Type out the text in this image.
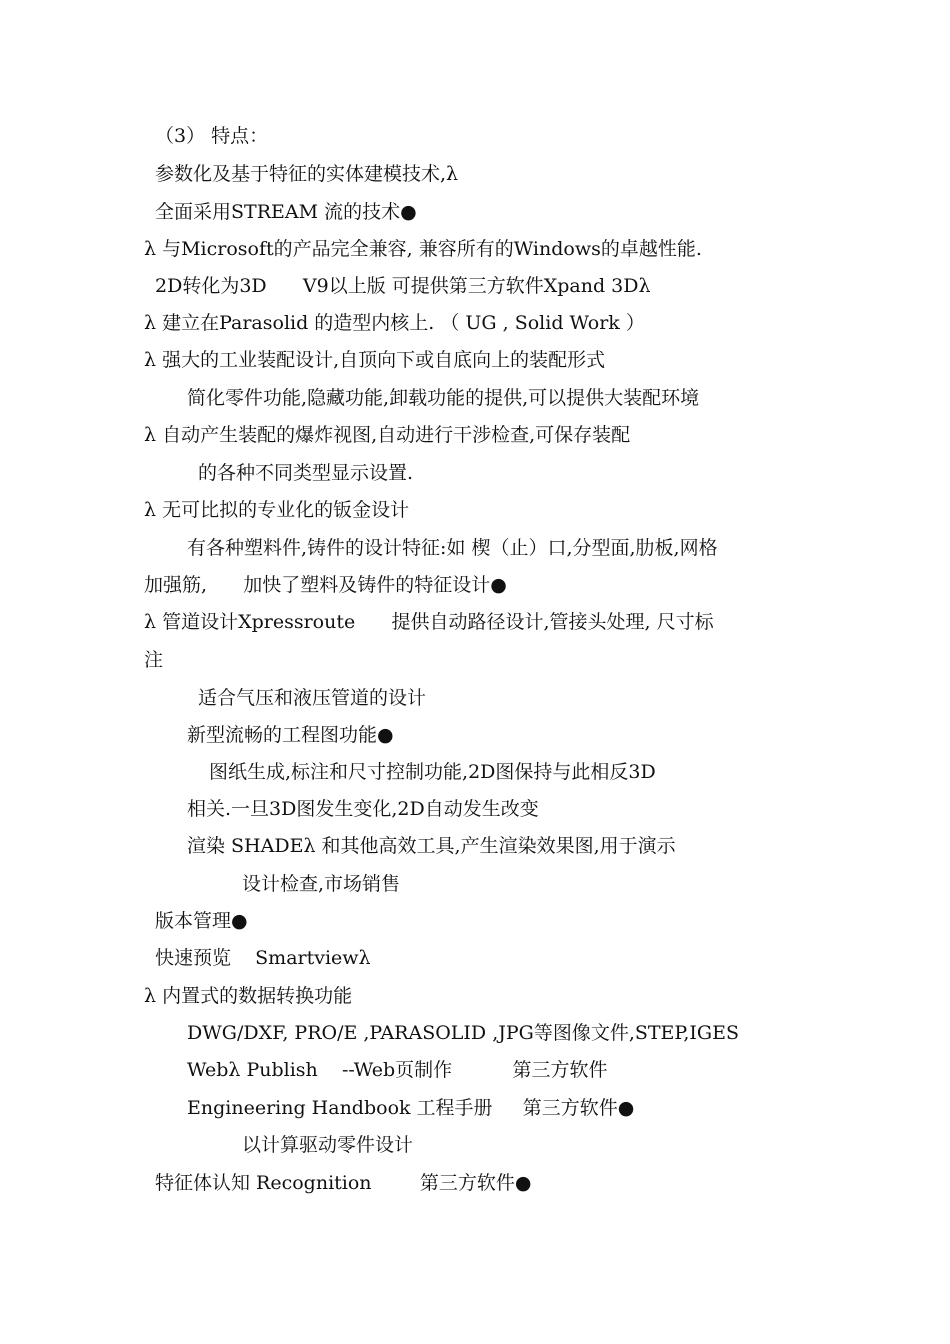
（3） 特点：
参数化及基于特征的实体建模技术,λ
全面采用STREAM 流的技术●
λ 与Microsoft的产品完全兼容, 兼容所有的Windows的卓越性能.
2D转化为3D      V9以上版 可提供第三方软件Xpand 3Dλ
λ 建立在Parasolid 的造型内核上. （ UG , Solid Work ）
λ 强大的工业装配设计,自顶向下或自底向上的装配形式
简化零件功能,隐藏功能,卸载功能的提供,可以提供大装配环境
λ 自动产生装配的爆炸视图,自动进行干涉检查,可保存装配
的各种不同类型显示设置.
λ 无可比拟的专业化的钣金设计
有各种塑料件,铸件的设计特征:如 楔（止）口,分型面,肋板,网格
加强筋,      加快了塑料及铸件的特征设计●
λ 管道设计Xpressroute      提供自动路径设计,管接头处理, 尺寸标
注
适合气压和液压管道的设计
新型流畅的工程图功能●
图纸生成,标注和尺寸控制功能,2D图保持与此相反3D
相关.一旦3D图发生变化,2D自动发生改变
渲染 SHADEλ 和其他高效工具,产生渲染效果图,用于演示
设计检查,市场销售
版本管理●
快速预览    Smartviewλ
λ 内置式的数据转换功能
DWG/DXF, PRO/E ,PARASOLID ,JPG等图像文件,STEP,IGES
Webλ Publish    --Web页制作          第三方软件
Engineering Handbook 工程手册     第三方软件●
以计算驱动零件设计
特征体认知 Recognition        第三方软件●
